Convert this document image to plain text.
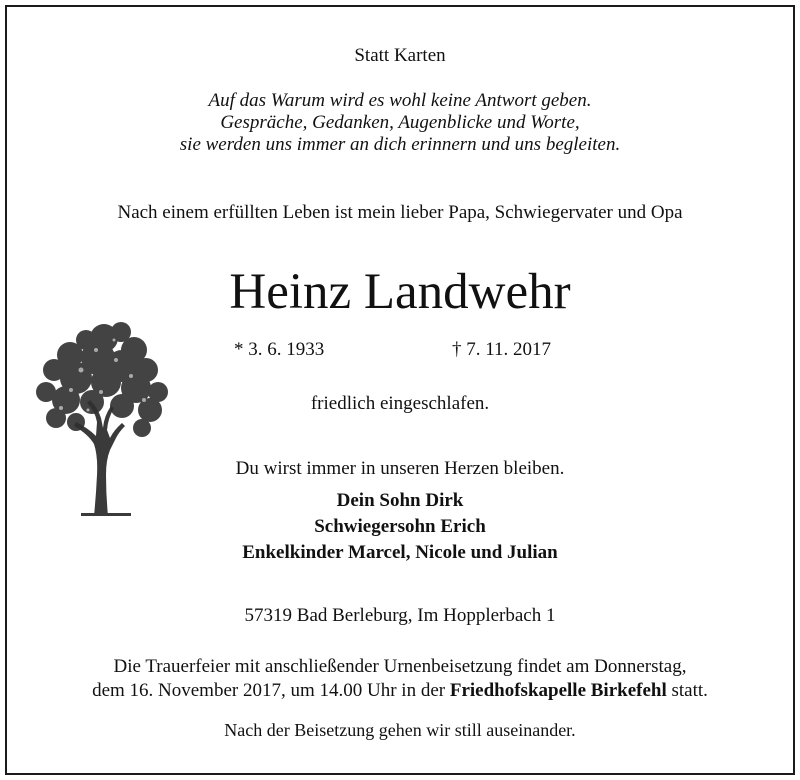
Statt Karten
Auf das Warum wird es wohl keine Antwort geben.
Gespräche, Gedanken, Augenblicke und Worte,
sie werden uns immer an dich erinnern und uns begleiten.
Nach einem erfüllten Leben ist mein lieber Papa, Schwiegervater und Opa
Heinz Landwehr
* 3. 6. 1933	† 7. 11. 2017
friedlich eingeschlafen.
Du wirst immer in unseren Herzen bleiben.
Dein Sohn Dirk
Schwiegersohn Erich
Enkelkinder Marcel, Nicole und Julian
57319 Bad Berleburg, Im Hopplerbach 1
Die Trauerfeier mit anschließender Urnenbeisetzung findet am Donnerstag,
dem 16. November 2017, um 14.00 Uhr in der Friedhofskapelle Birkefehl statt.
Nach der Beisetzung gehen wir still auseinander.
